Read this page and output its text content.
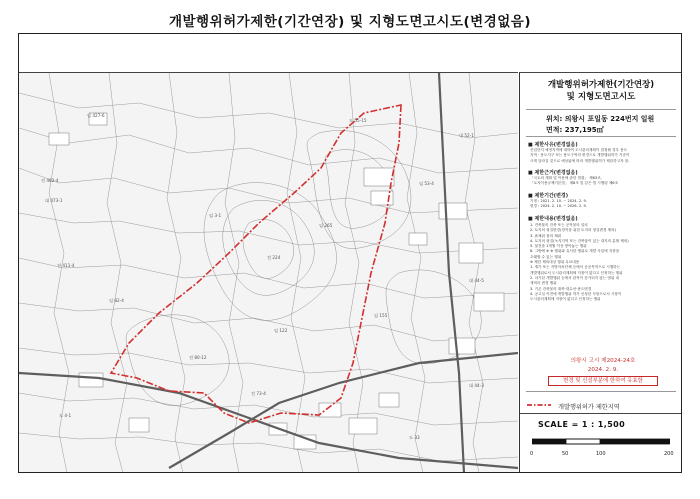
개발행위허가제한(기간연장) 및 지형도면고시도(변경없음)
임 427-6
전 482-4
대 473-1
임 3-1
전 411-4
임 82-4
도 55-15
대 52-1
임 53-4
전 224
임 265
대 44-5
전 80-12
임 122
도 4-1
전 73-4
대 44-3
임 155
도 33
개발행위허가제한(기간연장)
및 지형도면고시도
위치: 의왕시 포일동 224번지 일원
면적: 237,195㎡
■ 제한사유(변경없음)
산업단지 예정지역에 대하여 도시관리계획이 결정될 경우 용도
지역 · 용도지구 또는 용도구역의 변경으로 개발행위허가 기준이
크게 달라질 것으로 예상됨에 따라 개발행위허가 제한하고자 함.
■ 제한근거(변경없음)
「국토의 계획 및 이용에 관한 법률」 제63조,
「토지이용규제기본법」 제8조 및 같은 법 시행령 제6조
■ 제한기간(변경)
기정 : 2021. 2. 10. ~ 2024. 2. 9.
변경 : 2024. 2. 10. ~ 2026. 2. 9.
■ 제한내용(변경없음)
1. 건축물의 건축 또는 공작물의 설치
2. 토지의 형질변경(경작을 위한 토지의 형질변경 제외)
3. 흙채취 물의 채취
4. 토지의 형질(녹지지역 또는 건축물이 있는 대지의 분할 제외)
5. 물건을 1개월 이상 쌓아놓는 행위
6. 그밖에 ※ ※ 행위와 유사한 행위로 개발 사업에 지장을
초래할 수 있는 행위
※ 제한 제외대상 행위 무료내용
1. 재가 또는 지방자치단체 등에서 공공목적으로 시행하는
개발행위로서 도시관리계획에 지장이 없다고 인정하는 행위
2. 마기된 개발행위 등에서 관적이 증가되지 않는 범위 내
재비리 변경 행위
3. 기존 건축물의 재축·대수선·용도변경
4. 공고일 이전에 개발행위 허가 신청한 사항으로서 시장이
도시관리계획에 지장이 없다고 인정하는 행위
의왕시 고시 제2024-24호
2024. 2. 9.
변경 및 신설부분에 한하여 유효함
개발행위허가 제한지역
SCALE = 1 : 1,500
0	50	100	200
